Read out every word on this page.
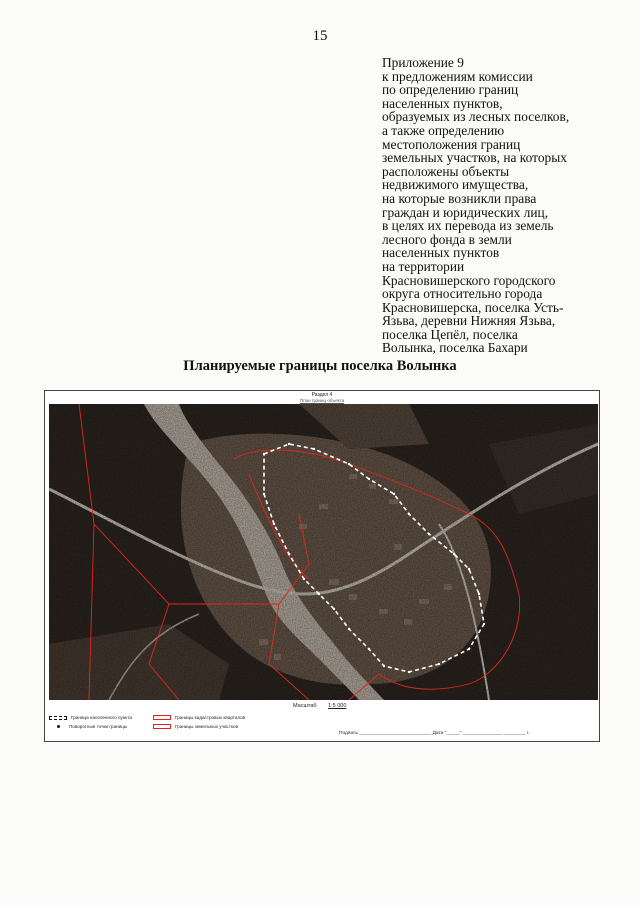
15
Приложение 9
к предложениям комиссии
по определению границ
населенных пунктов,
образуемых из лесных поселков,
а также определению
местоположения границ
земельных участков, на которых
расположены объекты
недвижимого имущества,
на которые возникли права
граждан и юридических лиц,
в целях их перевода из земель
лесного фонда в земли
населенных пунктов
на территории
Красновишерского городского
округа относительно города
Красновишерска, поселка Усть-
Язьва, деревни Нижняя Язьва,
поселка Цепёл, поселка
Волынка, поселка Бахари
Планируемые границы поселка Волынка
Раздел 4
План границ объекта
Масштаб 1:5 000
Граница населенного пункта
Поворотные точки границы
Границы кадастровых кварталов
Границы земельных участков
Подпись ___________________________ Дата "_____" _______________ ________ г.
